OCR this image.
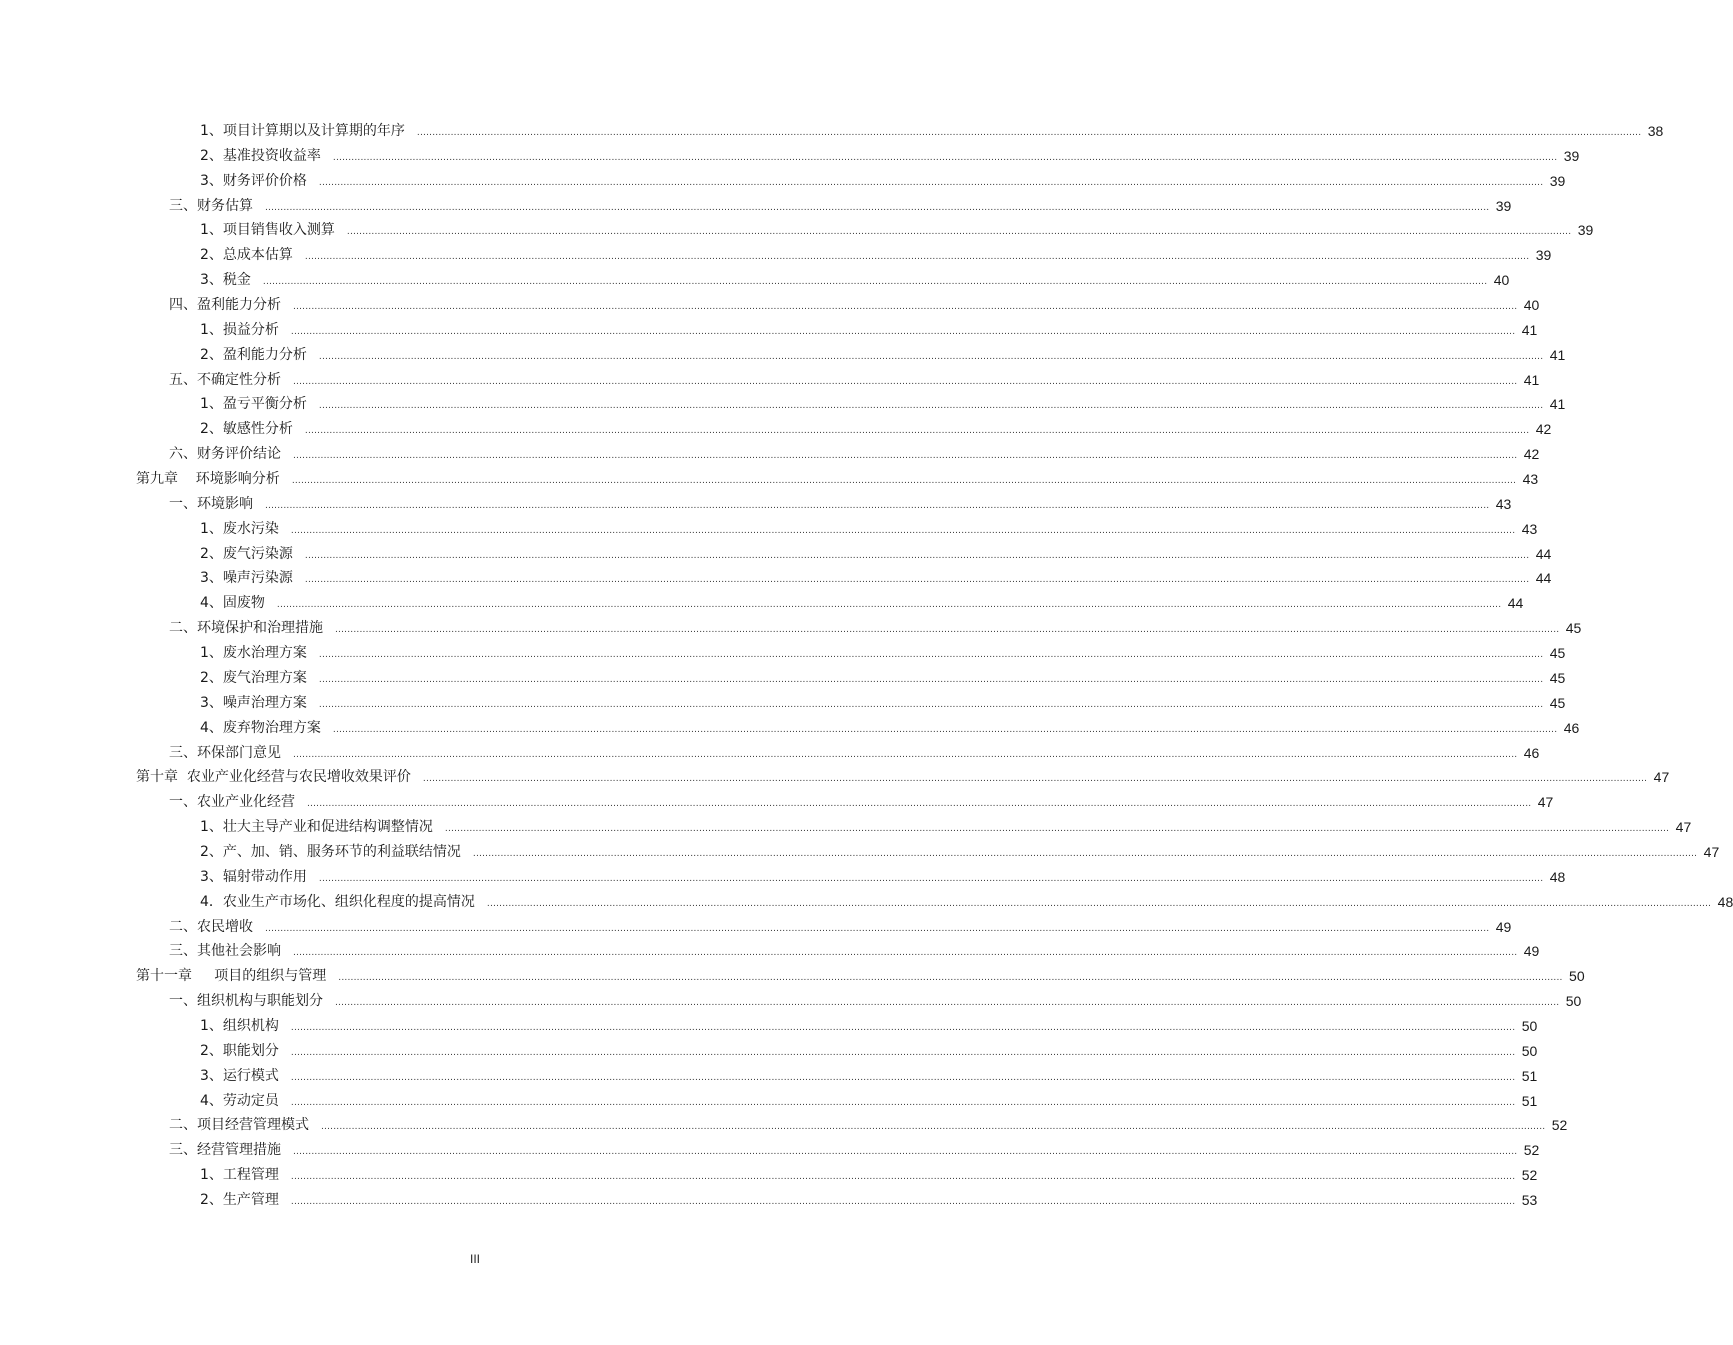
1、项目计算期以及计算期的年序 ................................................................................................................................................................................................................................................................................................................................................................................................................ 38
2、基准投资收益率 ................................................................................................................................................................................................................................................................................................................................................................................................................ 39
3、财务评价价格 ................................................................................................................................................................................................................................................................................................................................................................................................................ 39
三、财务估算 ................................................................................................................................................................................................................................................................................................................................................................................................................ 39
1、项目销售收入测算 ................................................................................................................................................................................................................................................................................................................................................................................................................ 39
2、总成本估算 ................................................................................................................................................................................................................................................................................................................................................................................................................ 39
3、税金 ................................................................................................................................................................................................................................................................................................................................................................................................................ 40
四、盈利能力分析 ................................................................................................................................................................................................................................................................................................................................................................................................................ 40
1、损益分析 ................................................................................................................................................................................................................................................................................................................................................................................................................ 41
2、盈利能力分析 ................................................................................................................................................................................................................................................................................................................................................................................................................ 41
五、不确定性分析 ................................................................................................................................................................................................................................................................................................................................................................................................................ 41
1、盈亏平衡分析 ................................................................................................................................................................................................................................................................................................................................................................................................................ 41
2、敏感性分析 ................................................................................................................................................................................................................................................................................................................................................................................................................ 42
六、财务评价结论 ................................................................................................................................................................................................................................................................................................................................................................................................................ 42
第九章    环境影响分析 ................................................................................................................................................................................................................................................................................................................................................................................................................ 43
一、环境影响 ................................................................................................................................................................................................................................................................................................................................................................................................................ 43
1、废水污染 ................................................................................................................................................................................................................................................................................................................................................................................................................ 43
2、废气污染源 ................................................................................................................................................................................................................................................................................................................................................................................................................ 44
3、噪声污染源 ................................................................................................................................................................................................................................................................................................................................................................................................................ 44
4、固废物 ................................................................................................................................................................................................................................................................................................................................................................................................................ 44
二、环境保护和治理措施 ................................................................................................................................................................................................................................................................................................................................................................................................................ 45
1、废水治理方案 ................................................................................................................................................................................................................................................................................................................................................................................................................ 45
2、废气治理方案 ................................................................................................................................................................................................................................................................................................................................................................................................................ 45
3、噪声治理方案 ................................................................................................................................................................................................................................................................................................................................................................................................................ 45
4、废弃物治理方案 ................................................................................................................................................................................................................................................................................................................................................................................................................ 46
三、环保部门意见 ................................................................................................................................................................................................................................................................................................................................................................................................................ 46
第十章  农业产业化经营与农民增收效果评价 ................................................................................................................................................................................................................................................................................................................................................................................................................ 47
一、农业产业化经营 ................................................................................................................................................................................................................................................................................................................................................................................................................ 47
1、壮大主导产业和促进结构调整情况 ................................................................................................................................................................................................................................................................................................................................................................................................................ 47
2、产、加、销、服务环节的利益联结情况 ................................................................................................................................................................................................................................................................................................................................................................................................................ 47
3、辐射带动作用 ................................................................................................................................................................................................................................................................................................................................................................................................................ 48
4．农业生产市场化、组织化程度的提高情况 ................................................................................................................................................................................................................................................................................................................................................................................................................ 48
二、农民增收 ................................................................................................................................................................................................................................................................................................................................................................................................................ 49
三、其他社会影响 ................................................................................................................................................................................................................................................................................................................................................................................................................ 49
第十一章     项目的组织与管理 ................................................................................................................................................................................................................................................................................................................................................................................................................ 50
一、组织机构与职能划分 ................................................................................................................................................................................................................................................................................................................................................................................................................ 50
1、组织机构 ................................................................................................................................................................................................................................................................................................................................................................................................................ 50
2、职能划分 ................................................................................................................................................................................................................................................................................................................................................................................................................ 50
3、运行模式 ................................................................................................................................................................................................................................................................................................................................................................................................................ 51
4、劳动定员 ................................................................................................................................................................................................................................................................................................................................................................................................................ 51
二、项目经营管理模式 ................................................................................................................................................................................................................................................................................................................................................................................................................ 52
三、经营管理措施 ................................................................................................................................................................................................................................................................................................................................................................................................................ 52
1、工程管理 ................................................................................................................................................................................................................................................................................................................................................................................................................ 52
2、生产管理 ................................................................................................................................................................................................................................................................................................................................................................................................................ 53
III
